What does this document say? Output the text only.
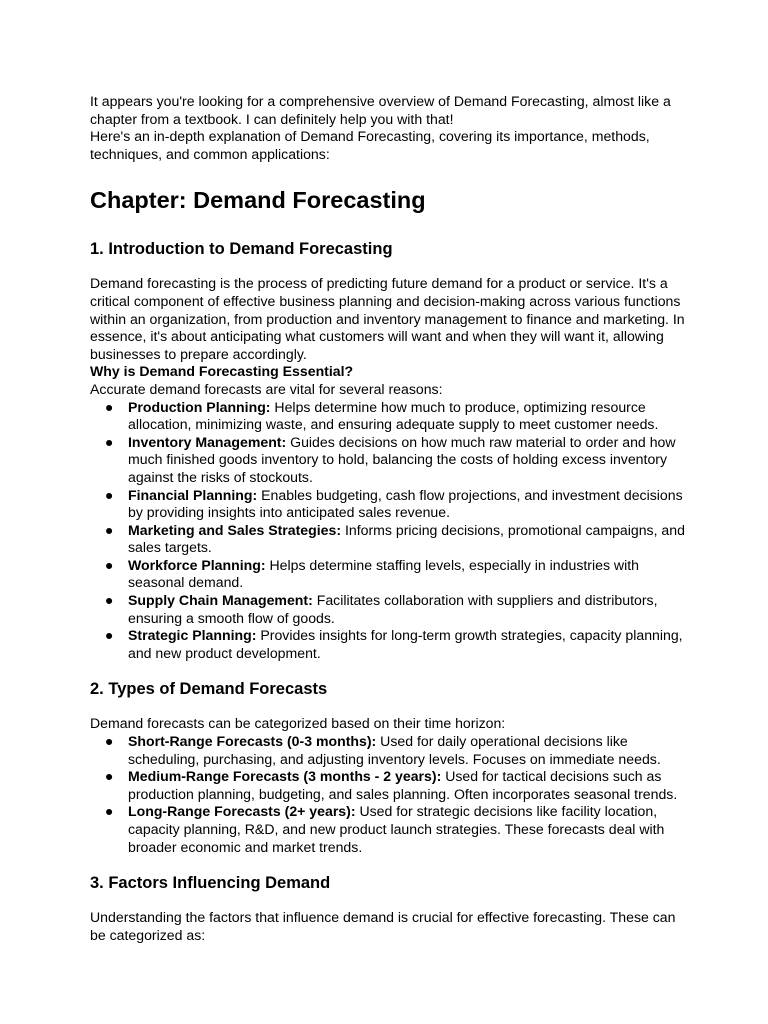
It appears you're looking for a comprehensive overview of Demand Forecasting, almost like a chapter from a textbook. I can definitely help you with that!

Here's an in-depth explanation of Demand Forecasting, covering its importance, methods, techniques, and common applications:

Chapter: Demand Forecasting
1. Introduction to Demand Forecasting

Demand forecasting is the process of predicting future demand for a product or service. It's a critical component of effective business planning and decision-making across various functions within an organization, from production and inventory management to finance and marketing. In essence, it's about anticipating what customers will want and when they will want it, allowing businesses to prepare accordingly.

Why is Demand Forecasting Essential?

Accurate demand forecasts are vital for several reasons:

● Production Planning: Helps determine how much to produce, optimizing resource allocation, minimizing waste, and ensuring adequate supply to meet customer needs.
● Inventory Management: Guides decisions on how much raw material to order and how much finished goods inventory to hold, balancing the costs of holding excess inventory against the risks of stockouts.
● Financial Planning: Enables budgeting, cash flow projections, and investment decisions by providing insights into anticipated sales revenue.
● Marketing and Sales Strategies: Informs pricing decisions, promotional campaigns, and sales targets.
● Workforce Planning: Helps determine staffing levels, especially in industries with seasonal demand.
● Supply Chain Management: Facilitates collaboration with suppliers and distributors, ensuring a smooth flow of goods.
● Strategic Planning: Provides insights for long-term growth strategies, capacity planning, and new product development.
2. Types of Demand Forecasts

Demand forecasts can be categorized based on their time horizon:

● Short-Range Forecasts (0-3 months): Used for daily operational decisions like scheduling, purchasing, and adjusting inventory levels. Focuses on immediate needs.
● Medium-Range Forecasts (3 months - 2 years): Used for tactical decisions such as production planning, budgeting, and sales planning. Often incorporates seasonal trends.
● Long-Range Forecasts (2+ years): Used for strategic decisions like facility location, capacity planning, R&D, and new product launch strategies. These forecasts deal with broader economic and market trends.
3. Factors Influencing Demand

Understanding the factors that influence demand is crucial for effective forecasting. These can be categorized as:
